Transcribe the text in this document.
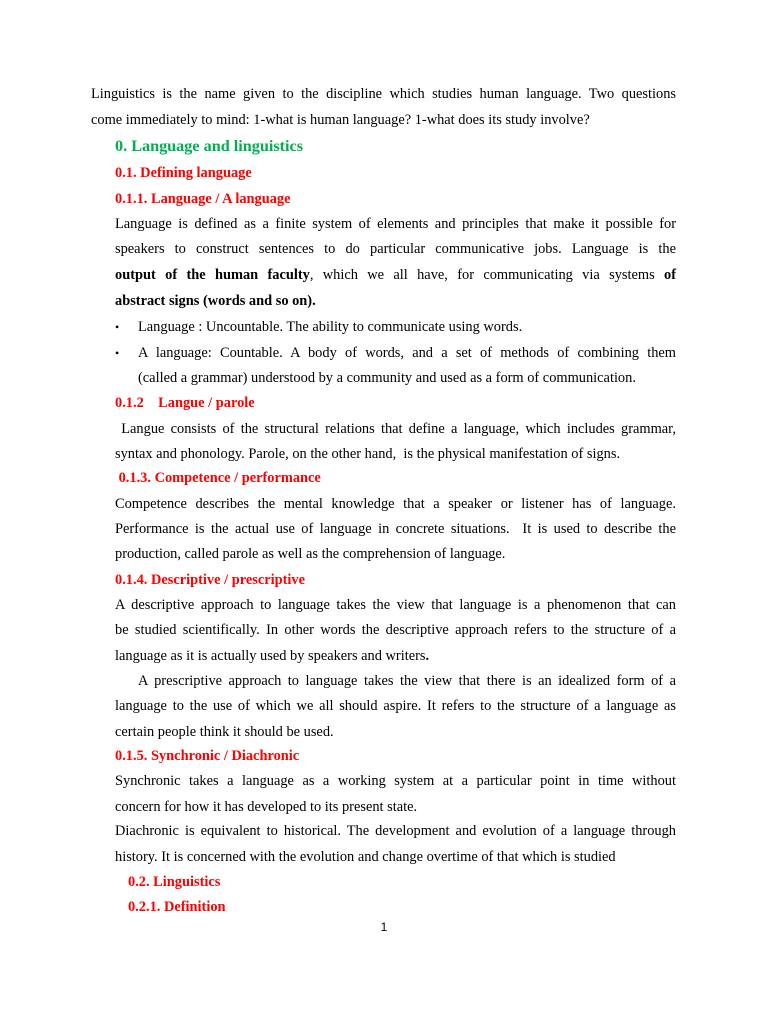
Linguistics is the name given to the discipline which studies human language. Two questions
come immediately to mind: 1-what is human language? 1-what does its study involve?
0. Language and linguistics
0.1. Defining language
0.1.1. Language / A language
Language is defined as a finite system of elements and principles that make it possible for
speakers to construct sentences to do particular communicative jobs. Language is the
output of the human faculty, which we all have, for communicating via systems of
abstract signs (words and so on).
• Language : Uncountable. The ability to communicate using words.
• A language: Countable. A body of words, and a set of methods of combining them
(called a grammar) understood by a community and used as a form of communication.
0.1.2    Langue / parole
Langue consists of the structural relations that define a language, which includes grammar,
syntax and phonology. Parole, on the other hand,  is the physical manifestation of signs.
0.1.3. Competence / performance
Competence describes the mental knowledge that a speaker or listener has of language.
Performance is the actual use of language in concrete situations.  It is used to describe the
production, called parole as well as the comprehension of language.
0.1.4. Descriptive / prescriptive
A descriptive approach to language takes the view that language is a phenomenon that can
be studied scientifically. In other words the descriptive approach refers to the structure of a
language as it is actually used by speakers and writers.
A prescriptive approach to language takes the view that there is an idealized form of a
language to the use of which we all should aspire. It refers to the structure of a language as
certain people think it should be used.
0.1.5. Synchronic / Diachronic
Synchronic takes a language as a working system at a particular point in time without
concern for how it has developed to its present state.
Diachronic is equivalent to historical. The development and evolution of a language through
history. It is concerned with the evolution and change overtime of that which is studied
0.2. Linguistics
0.2.1. Definition
1
